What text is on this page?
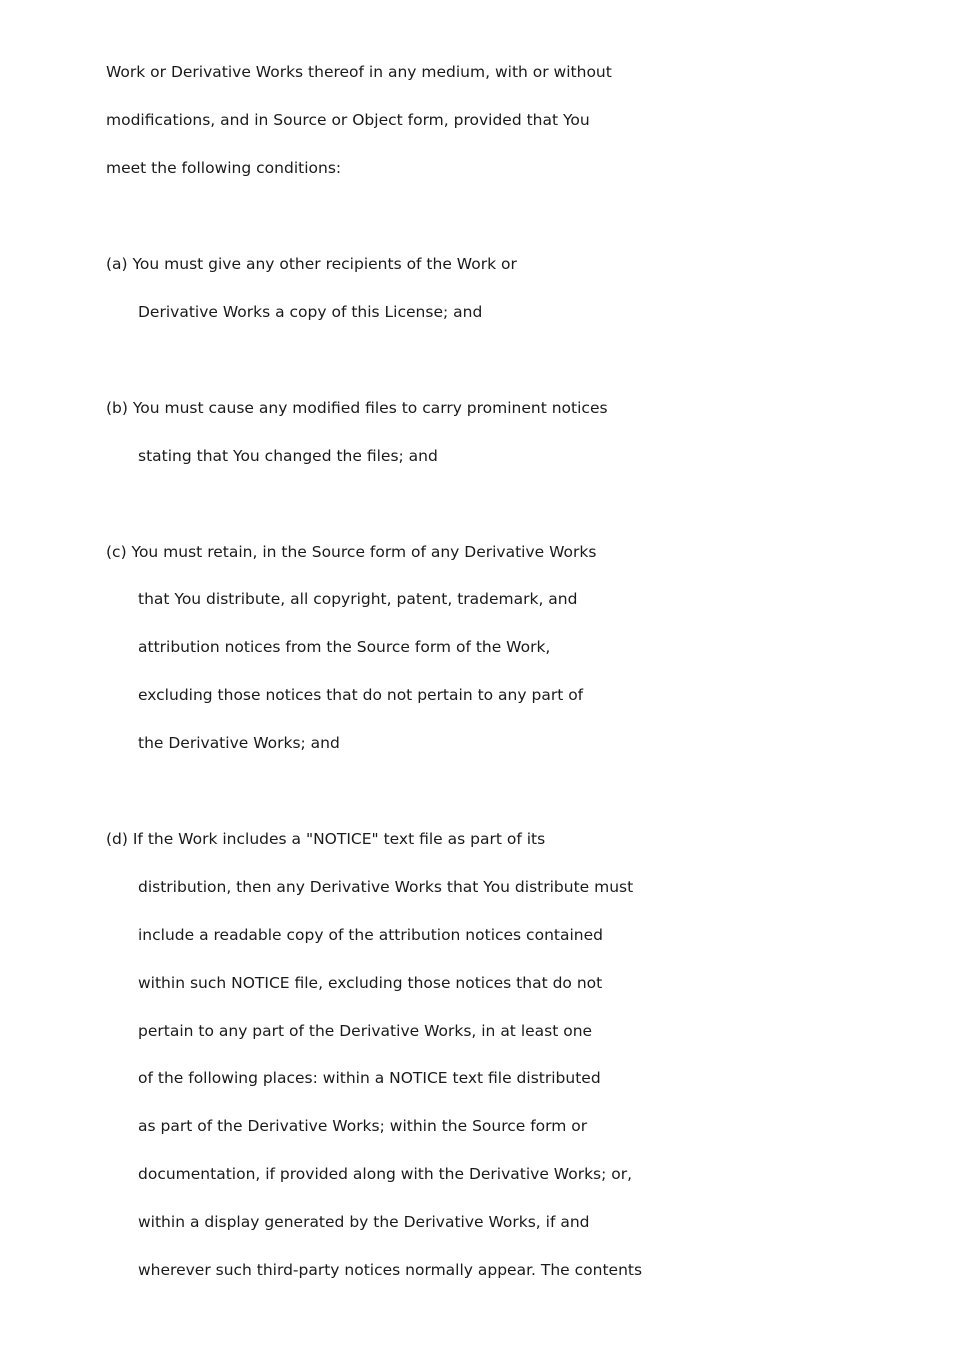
Work or Derivative Works thereof in any medium, with or without
modifications, and in Source or Object form, provided that You
meet the following conditions:
(a) You must give any other recipients of the Work or
Derivative Works a copy of this License; and
(b) You must cause any modified files to carry prominent notices
stating that You changed the files; and
(c) You must retain, in the Source form of any Derivative Works
that You distribute, all copyright, patent, trademark, and
attribution notices from the Source form of the Work,
excluding those notices that do not pertain to any part of
the Derivative Works; and
(d) If the Work includes a "NOTICE" text file as part of its
distribution, then any Derivative Works that You distribute must
include a readable copy of the attribution notices contained
within such NOTICE file, excluding those notices that do not
pertain to any part of the Derivative Works, in at least one
of the following places: within a NOTICE text file distributed
as part of the Derivative Works; within the Source form or
documentation, if provided along with the Derivative Works; or,
within a display generated by the Derivative Works, if and
wherever such third-party notices normally appear. The contents
